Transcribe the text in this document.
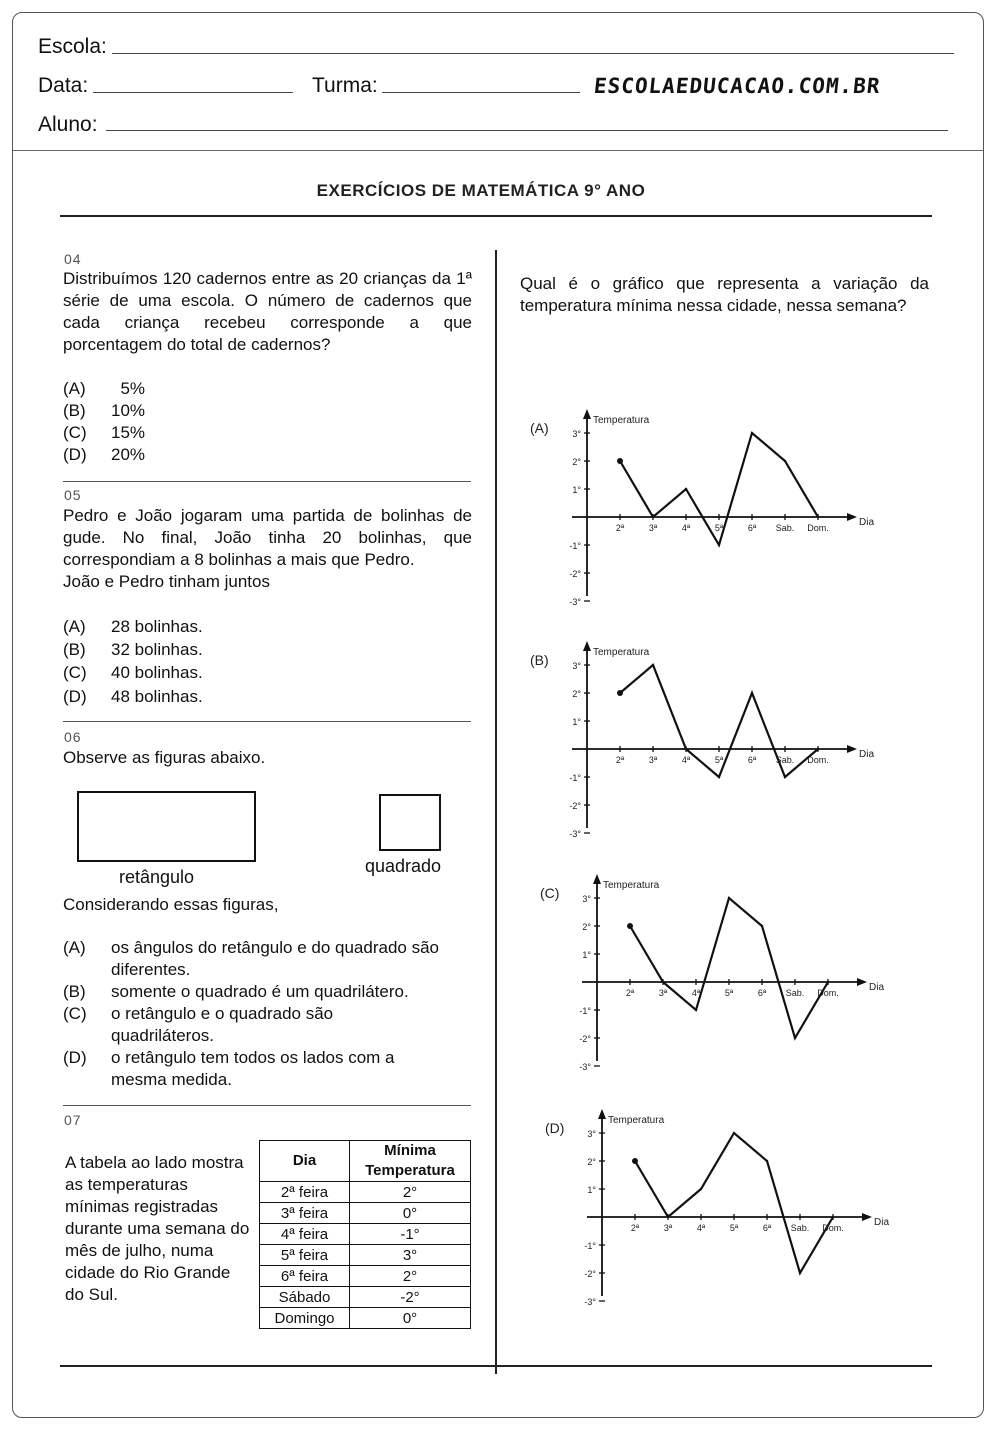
Escola:
Data:	Turma:	ESCOLAEDUCACAO.COM.BR
Aluno:
EXERCÍCIOS DE MATEMÁTICA 9° ANO
04
Distribuímos 120 cadernos entre as 20 crianças da 1ª série de uma escola. O número de cadernos que cada criança recebeu corresponde a que porcentagem do total de cadernos?
(A)  5%
(B) 10%
(C) 15%
(D) 20%
05
Pedro e João jogaram uma partida de bolinhas de gude. No final, João tinha 20 bolinhas, que correspondiam a 8 bolinhas a mais que Pedro.
João e Pedro tinham juntos
(A) 28 bolinhas.
(B) 32 bolinhas.
(C) 40 bolinhas.
(D) 48 bolinhas.
06
Observe as figuras abaixo.
retângulo
quadrado
Considerando essas figuras,
(A) os ângulos do retângulo e do quadrado são
diferentes.
(B) somente o quadrado é um quadrilátero.
(C) o retângulo e o quadrado são
quadriláteros.
(D) o retângulo tem todos os lados com a
mesma medida.
07
A tabela ao lado mostra as temperaturas mínimas registradas durante uma semana do mês de julho, numa cidade do Rio Grande do Sul.
Dia	Mínima
Temperatura

2ª feira	2°
3ª feira	0°
4ª feira	-1°
5ª feira	3°
6ª feira	2°
Sábado	-2°
Domingo	0°
Qual é o gráfico que representa a variação da temperatura mínima nessa cidade, nessa semana?
(A)	Temperatura
Dia
3°
2°
1°
-1°
-2°
-3°
2ª	3ª	4ª	5ª	6ª Sab. Dom.
(B)	Temperatura
Dia
3°
2°
1°
-1°
-2°
-3°
2ª	3ª	4ª	5ª	6ª Sab. Dom.
(C)	Temperatura
Dia
3°
2°
1°
-1°
-2°
-3°
2ª	3ª	4ª	5ª	6ª Sab. Dom.
(D)	Temperatura
Dia
3°
2°
1°
-1°
-2°
-3°
2ª	3ª	4ª	5ª	6ª Sab. Dom.
